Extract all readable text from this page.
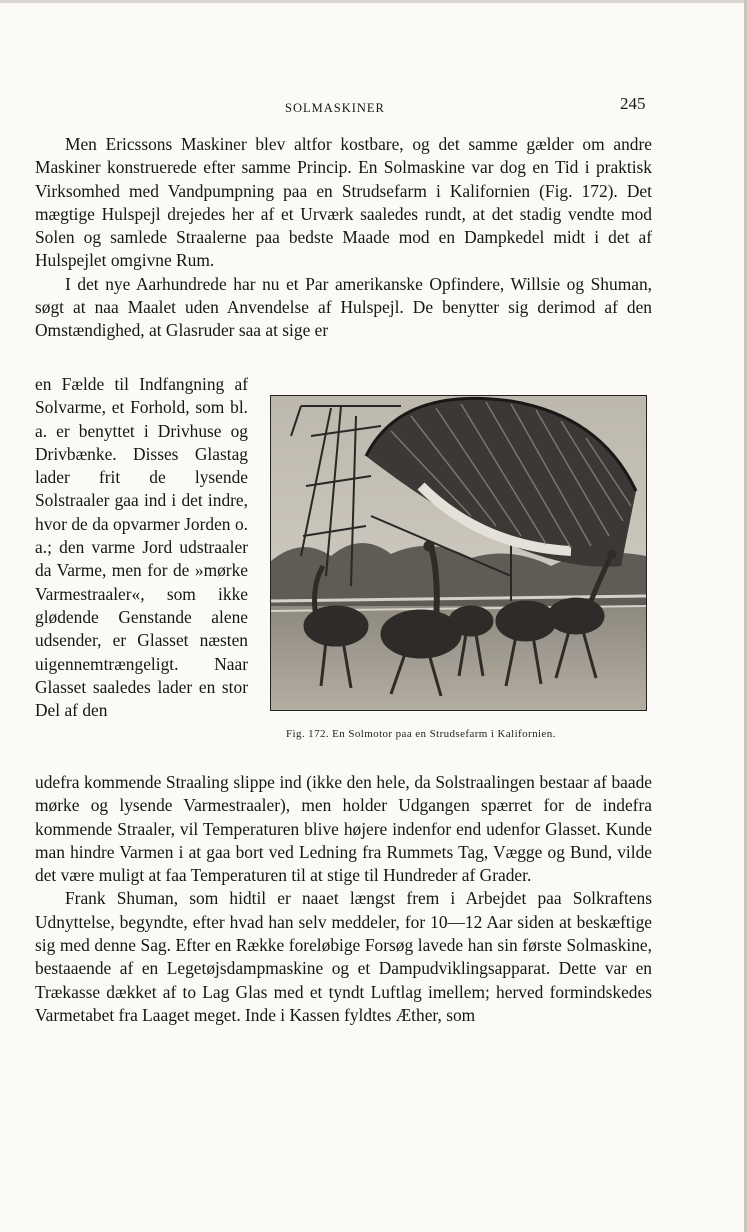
SOLMASKINER	245

Men Ericssons Maskiner blev altfor kostbare, og det samme gælder om andre Maskiner konstruerede efter samme Princip. En Solmaskine var dog en Tid i praktisk Virksomhed med Vandpumpning paa en Strudsefarm i Kalifornien (Fig. 172). Det mægtige Hulspejl drejedes her af et Urværk saaledes rundt, at det stadig vendte mod Solen og samlede Straalerne paa bedste Maade mod en Dampkedel midt i det af Hulspejlet omgivne Rum.

I det nye Aarhundrede har nu et Par amerikanske Opfindere, Willsie og Shuman, søgt at naa Maalet uden Anvendelse af Hulspejl. De benytter sig derimod af den Omstændighed, at Glasruder saa at sige er

en Fælde til Indfangning af Solvarme, et Forhold, som bl. a. er benyttet i Drivhuse og Drivbænke. Disses Glastag lader frit de lysende Solstraaler gaa ind i det indre, hvor de da opvarmer Jorden o. a.; den varme Jord udstraaler da Varme, men for de »mørke Varmestraaler«, som ikke glødende Genstande alene udsender, er Glasset næsten uigennemtrængeligt. Naar Glasset saaledes lader en stor Del af den

Fig. 172. En Solmotor paa en Strudsefarm i Kalifornien.

udefra kommende Straaling slippe ind (ikke den hele, da Solstraalingen bestaar af baade mørke og lysende Varmestraaler), men holder Udgangen spærret for de indefra kommende Straaler, vil Temperaturen blive højere indenfor end udenfor Glasset. Kunde man hindre Varmen i at gaa bort ved Ledning fra Rummets Tag, Vægge og Bund, vilde det være muligt at faa Temperaturen til at stige til Hundreder af Grader.

Frank Shuman, som hidtil er naaet længst frem i Arbejdet paa Solkraftens Udnyttelse, begyndte, efter hvad han selv meddeler, for 10—12 Aar siden at beskæftige sig med denne Sag. Efter en Række foreløbige Forsøg lavede han sin første Solmaskine, bestaaende af en Legetøjsdampmaskine og et Dampudviklingsapparat. Dette var en Trækasse dækket af to Lag Glas med et tyndt Luftlag imellem; herved formindskedes Varmetabet fra Laaget meget. Inde i Kassen fyldtes Æther, som
